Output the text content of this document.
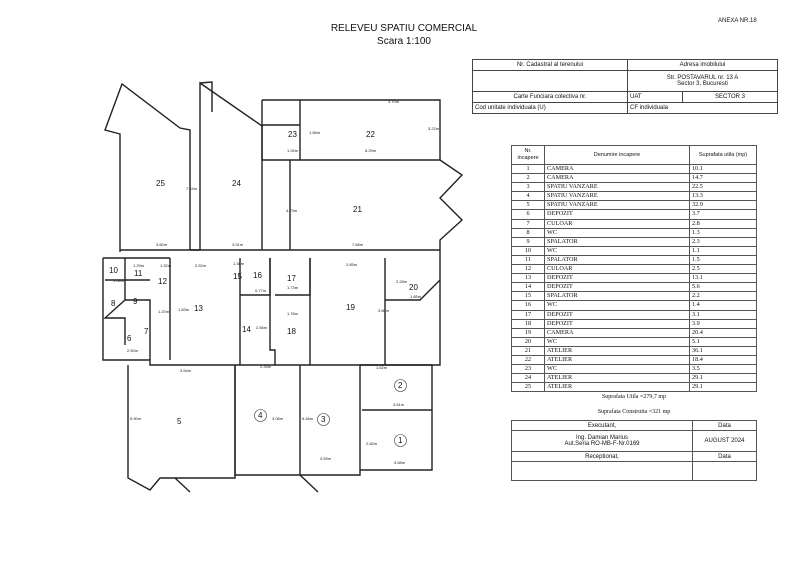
ANEXA NR.18
RELEVEU SPATIU COMERCIAL
Scara 1:100
1
2
3
4
5
6
7
8 9
10 11
12
13
14
15 16	17
18
19
20
21
22
23
24
25
3.70m
3.22m
1.92m	6.29m
1.56m
7.44m
3.60m	3.91m	7.68m
4.73m
1.06m
1.29m	1.32m	2.52m	1.38m
0.77m
1.73m
1.76m
2.85m
1.85m
2.28m
3.54m
2.33m	1.62m
3.61m
3.59m
3.58m
2.82m
5.90m	5.46m
1.20m 1.83m
2.50m
2.56m
3.80m
3.08m
Nr. Cadastral al terenului	Adresa imobilului	

	Str. POSTAVARUL nr. 13 A
Sector 3, Bucuresti	

Carte Funciara colectiva nr.	UAT	SECTOR 3
Cod unitate individuala (U)	CF individuala	
Nr. incapere	Denumire incapere	Suprafata utila (mp)
1	CAMERA	10.1
2	CAMERA	14.7
3	SPATIU VANZARE	22.5
4	SPATIU VANZARE	13.3
5	SPATIU VANZARE	32.9
6	DEPOZIT	3.7
7	CULOAR	2.8
8	WC	1.3
9	SPALATOR	2.3
10	WC	1.1
11	SPALATOR	1.5
12	CULOAR	2.5
13	DEPOZIT	13.1
14	DEPOZIT	5.6
15	SPALATOR	2.2
16	WC	1.4
17	DEPOZIT	3.1
18	DEPOZIT	3.9
19	CAMERA	20.4
20	WC	5.1
21	ATELIER	36.1
22	ATELIER	18.4
23	WC	3.5
24	ATELIER	29.1
25	ATELIER	29.1
Suprafata Utila =279,7 mp
Suprafata Construita =321 mp
Executant,	Data

Ing. Damian Marius
Aut.Seria RO-MB-F-Nr.0169	AUGUST 2024
Receptionat,	Data
